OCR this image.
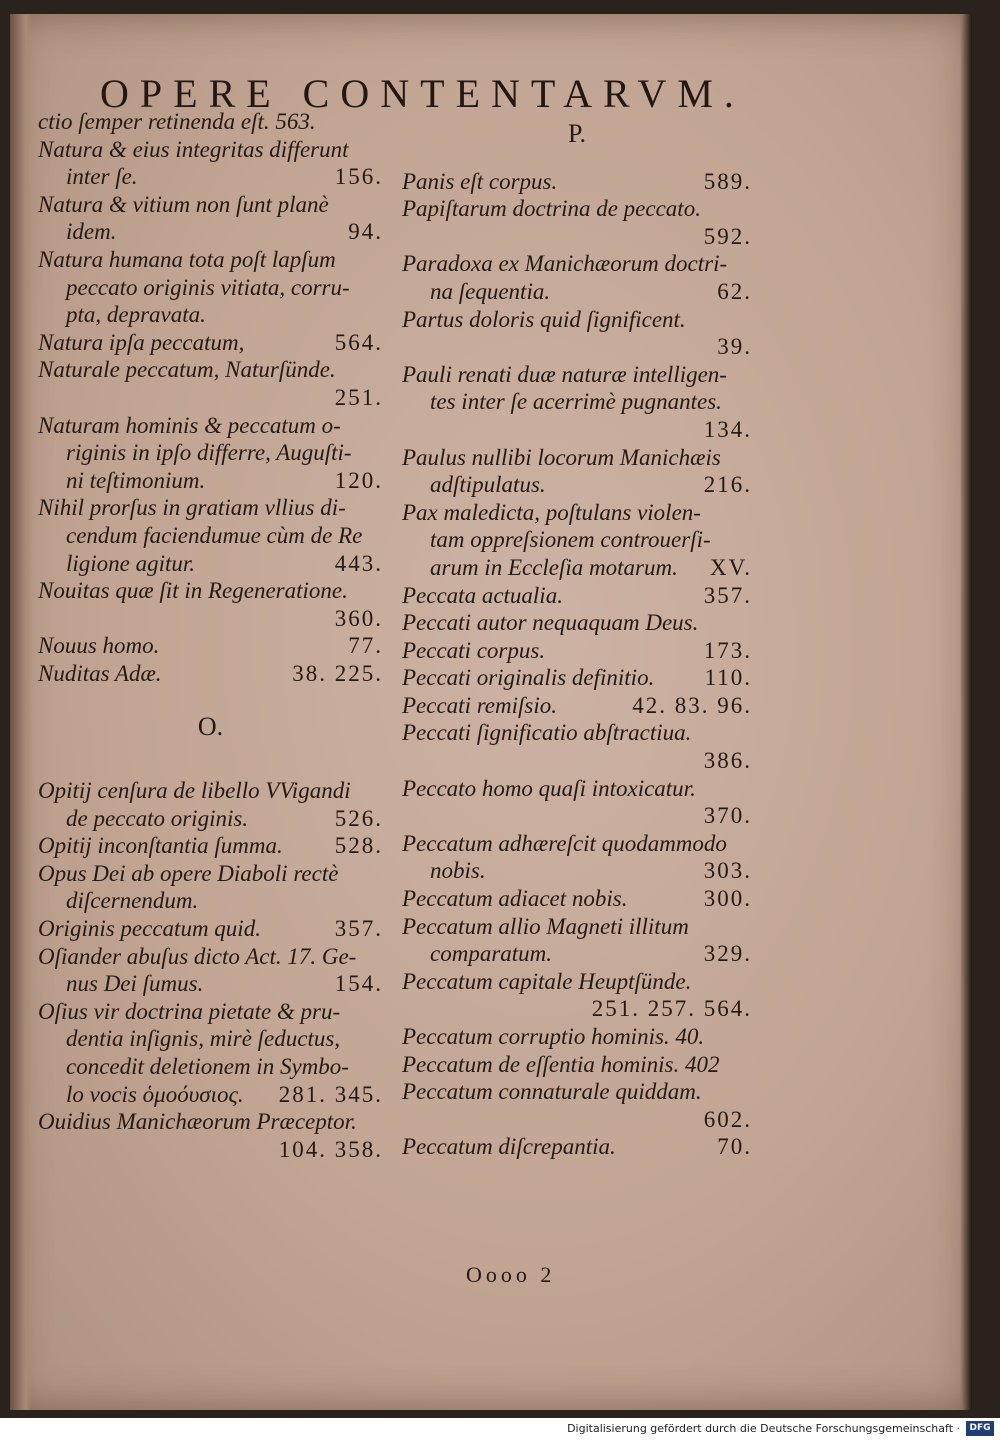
OPERE CONTENTARVM.
ctio ſemper retinenda eſt. 563.
Natura & eius integritas differunt
156.
inter ſe.
Natura & vitium non ſunt planè
94.
idem.
Natura humana tota poſt lapſum
peccato originis vitiata, corru-
pta, depravata.
564.
Natura ipſa peccatum,
Naturale peccatum, Naturſünde.
251.
Naturam hominis & peccatum o-
riginis in ipſo differre, Auguſti-
120.
ni teſtimonium.
Nihil prorſus in gratiam vllius di-
cendum faciendumue cùm de Re
443.
ligione agitur.
Nouitas quæ ſit in Regeneratione.
360.
77.
Nouus homo.
38. 225.
Nuditas Adæ.
O.
Opitij cenſura de libello VVigandi
526.
de peccato originis.
528.
Opitij inconſtantia ſumma.
Opus Dei ab opere Diaboli rectè
diſcernendum.
357.
Originis peccatum quid.
Oſiander abuſus dicto Act. 17. Ge-
154.
nus Dei ſumus.
Oſius vir doctrina pietate & pru-
dentia inſignis, mirè ſeductus,
concedit deletionem in Symbo-
281. 345.
lo vocis ὁμοόυσιος.
Ouidius Manichæorum Præceptor.
104. 358.
P.
589.
Panis eſt corpus.
Papiſtarum doctrina de peccato.
592.
Paradoxa ex Manichæorum doctri-
62.
na ſequentia.
Partus doloris quid ſignificent.
39.
Pauli renati duæ naturæ intelligen-
tes inter ſe acerrimè pugnantes.
134.
Paulus nullibi locorum Manichæis
216.
adſtipulatus.
Pax maledicta, poſtulans violen-
tam oppreſsionem controuerſi-
XV.
arum in Eccleſia motarum.
357.
Peccata actualia.
Peccati autor nequaquam Deus.
173.
Peccati corpus.
110.
Peccati originalis definitio.
42. 83. 96.
Peccati remiſsio.
Peccati ſignificatio abſtractiua.
386.
Peccato homo quaſi intoxicatur.
370.
Peccatum adhæreſcit quodammodo
303.
nobis.
300.
Peccatum adiacet nobis.
Peccatum allio Magneti illitum
329.
comparatum.
Peccatum capitale Heuptſünde.
251. 257. 564.
Peccatum corruptio hominis. 40.
Peccatum de eſſentia hominis. 402
Peccatum connaturale quiddam.
602.
70.
Peccatum diſcrepantia.
Oooo 2
Digitalisierung gefördert durch die Deutsche Forschungsgemeinschaft ·	DFG
